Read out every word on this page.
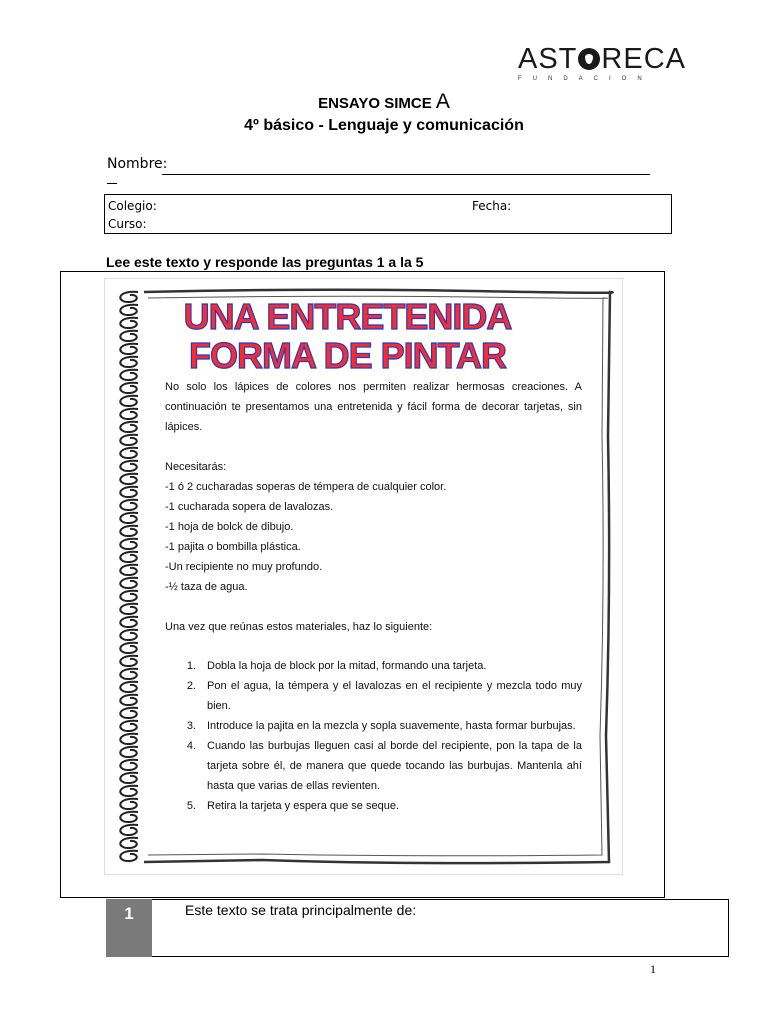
AST RECA
FUNDACION
ENSAYO SIMCE A
4º básico - Lenguaje y comunicación
Nombre:
Colegio:
Curso:
Fecha:
Lee este texto y responde las preguntas 1 a la 5
UNA ENTRETENIDA
FORMA DE PINTAR
No solo los lápices de colores nos permiten realizar hermosas creaciones. A continuación te presentamos una entretenida y fácil forma de decorar tarjetas, sin lápices.
Necesitarás:
-1 ó 2 cucharadas soperas de témpera de cualquier color.
-1 cucharada sopera de lavalozas.
-1 hoja de bolck de dibujo.
-1 pajita o bombilla plástica.
-Un recipiente no muy profundo.
-½ taza de agua.
Una vez que reúnas estos materiales, haz lo siguiente:
1.	Dobla la hoja de block por la mitad, formando una tarjeta.
2.	Pon el agua, la témpera y el lavalozas en el recipiente y mezcla todo muy bien.
3.	Introduce la pajita en la mezcla y sopla suavemente, hasta formar burbujas.
4.	Cuando las burbujas lleguen casi al borde del recipiente, pon la tapa de la tarjeta sobre él, de manera que quede tocando las burbujas. Mantenla ahí hasta que varias de ellas revienten.
5.	Retira la tarjeta y espera que se seque.
1	Este texto se trata principalmente de:
1
